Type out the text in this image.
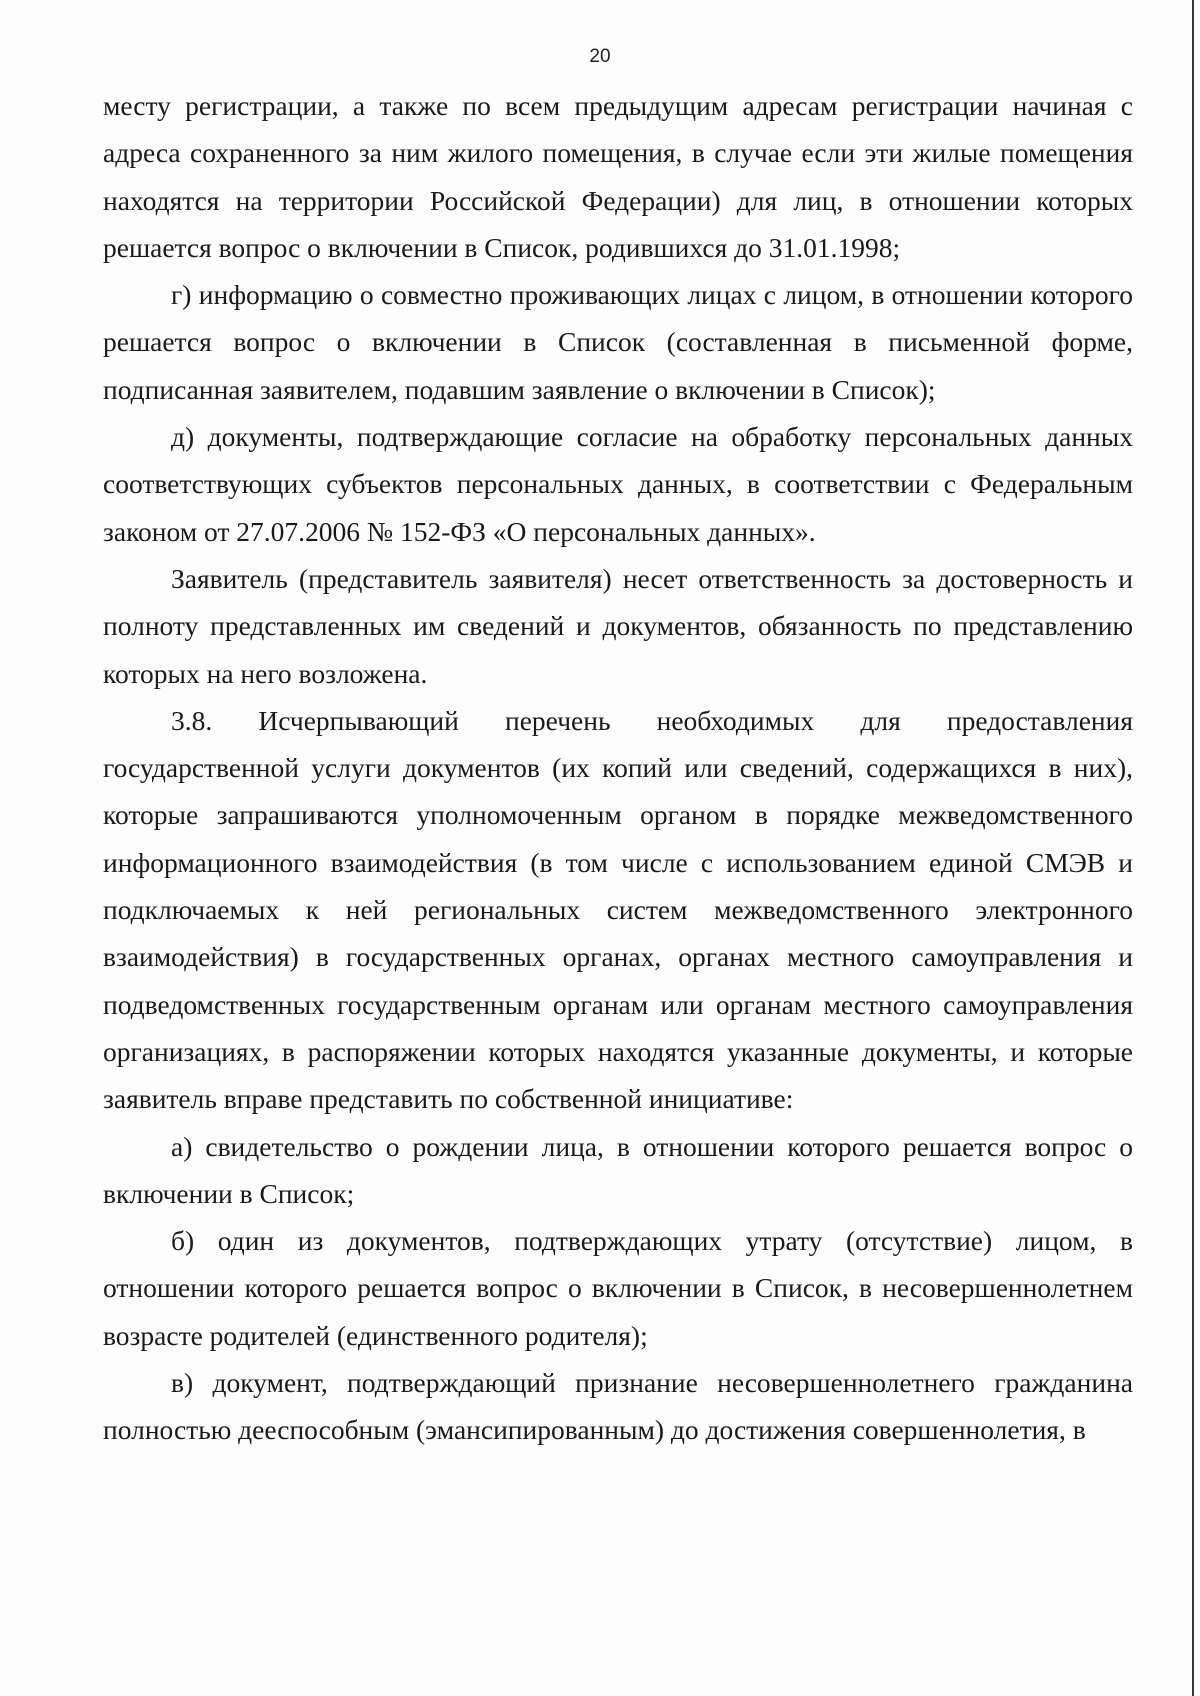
20

месту регистрации, а также по всем предыдущим адресам регистрации начиная с адреса сохраненного за ним жилого помещения, в случае если эти жилые помещения находятся на территории Российской Федерации) для лиц, в отношении которых решается вопрос о включении в Список, родившихся до 31.01.1998;

г) информацию о совместно проживающих лицах с лицом, в отношении которого решается вопрос о включении в Список (составленная в письменной форме, подписанная заявителем, подавшим заявление о включении в Список);

д) документы, подтверждающие согласие на обработку персональных данных соответствующих субъектов персональных данных, в соответствии с Федеральным законом от 27.07.2006 № 152-ФЗ «О персональных данных».

Заявитель (представитель заявителя) несет ответственность за достоверность и полноту представленных им сведений и документов, обязанность по представлению которых на него возложена.

3.8. Исчерпывающий перечень необходимых для предоставления государственной услуги документов (их копий или сведений, содержащихся в них), которые запрашиваются уполномоченным органом в порядке межведомственного информационного взаимодействия (в том числе с использованием единой СМЭВ и подключаемых к ней региональных систем межведомственного электронного взаимодействия) в государственных органах, органах местного самоуправления и подведомственных государственным органам или органам местного самоуправления организациях, в распоряжении которых находятся указанные документы, и которые заявитель вправе представить по собственной инициативе:

а) свидетельство о рождении лица, в отношении которого решается вопрос о включении в Список;

б) один из документов, подтверждающих утрату (отсутствие) лицом, в отношении которого решается вопрос о включении в Список, в несовершеннолетнем возрасте родителей (единственного родителя);

в) документ, подтверждающий признание несовершеннолетнего гражданина полностью дееспособным (эмансипированным) до достижения совершеннолетия, в
